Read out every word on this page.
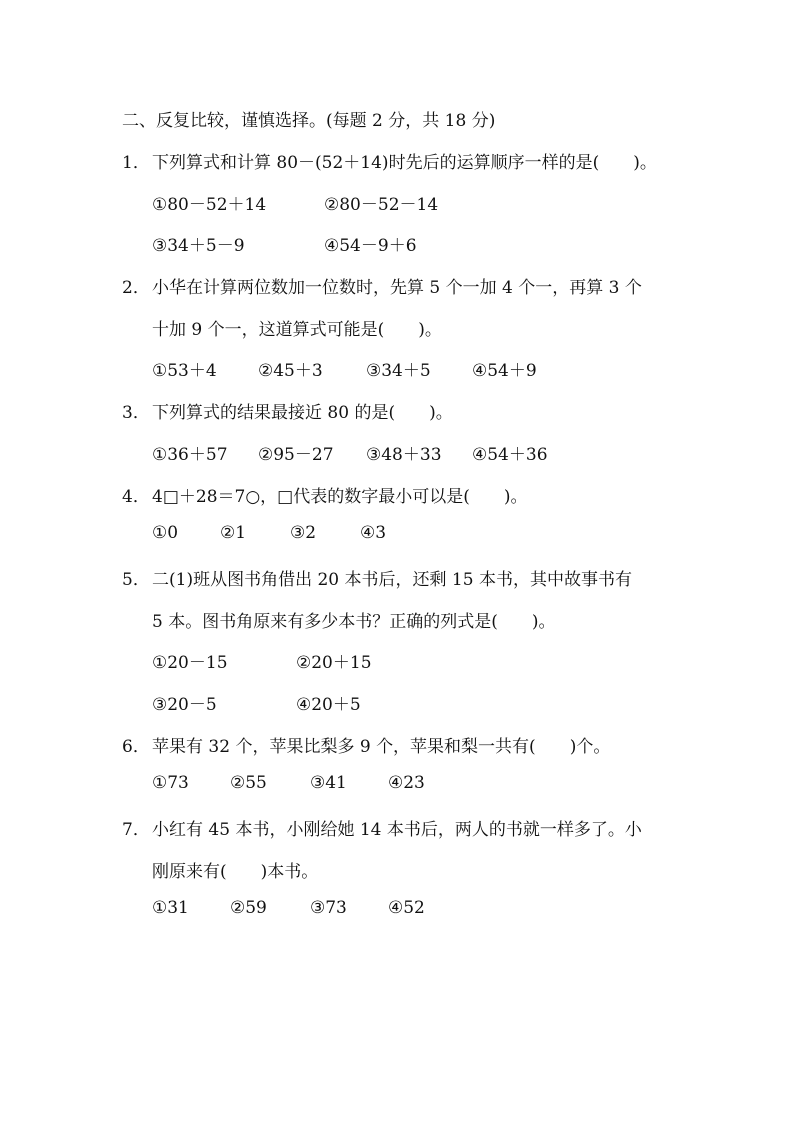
二、反复比较，谨慎选择。(每题 2 分，共 18 分)
1． 下列算式和计算 80－(52＋14)时先后的运算顺序一样的是(　　)。
①80－52＋14	②80－52－14
③34＋5－9	④54－9＋6
2． 小华在计算两位数加一位数时，先算 5 个一加 4 个一，再算 3 个
十加 9 个一，这道算式可能是(　　)。
①53＋4 ②45＋3	③34＋5 ④54＋9
3． 下列算式的结果最接近 80 的是(　　)。
①36＋57 ②95－27 ③48＋33 ④54＋36
4． 4□＋28＝7○，□代表的数字最小可以是(　　)。
①0 ②1	③2	④3
5． 二(1)班从图书角借出 20 本书后，还剩 15 本书，其中故事书有
5 本。图书角原来有多少本书？正确的列式是(　　)。
①20－15	②20＋15
③20－5	④20＋5
6． 苹果有 32 个，苹果比梨多 9 个，苹果和梨一共有(　　)个。
①73 ②55	③41 ④23
7． 小红有 45 本书，小刚给她 14 本书后，两人的书就一样多了。小
刚原来有(　　)本书。
①31 ②59	③73 ④52
